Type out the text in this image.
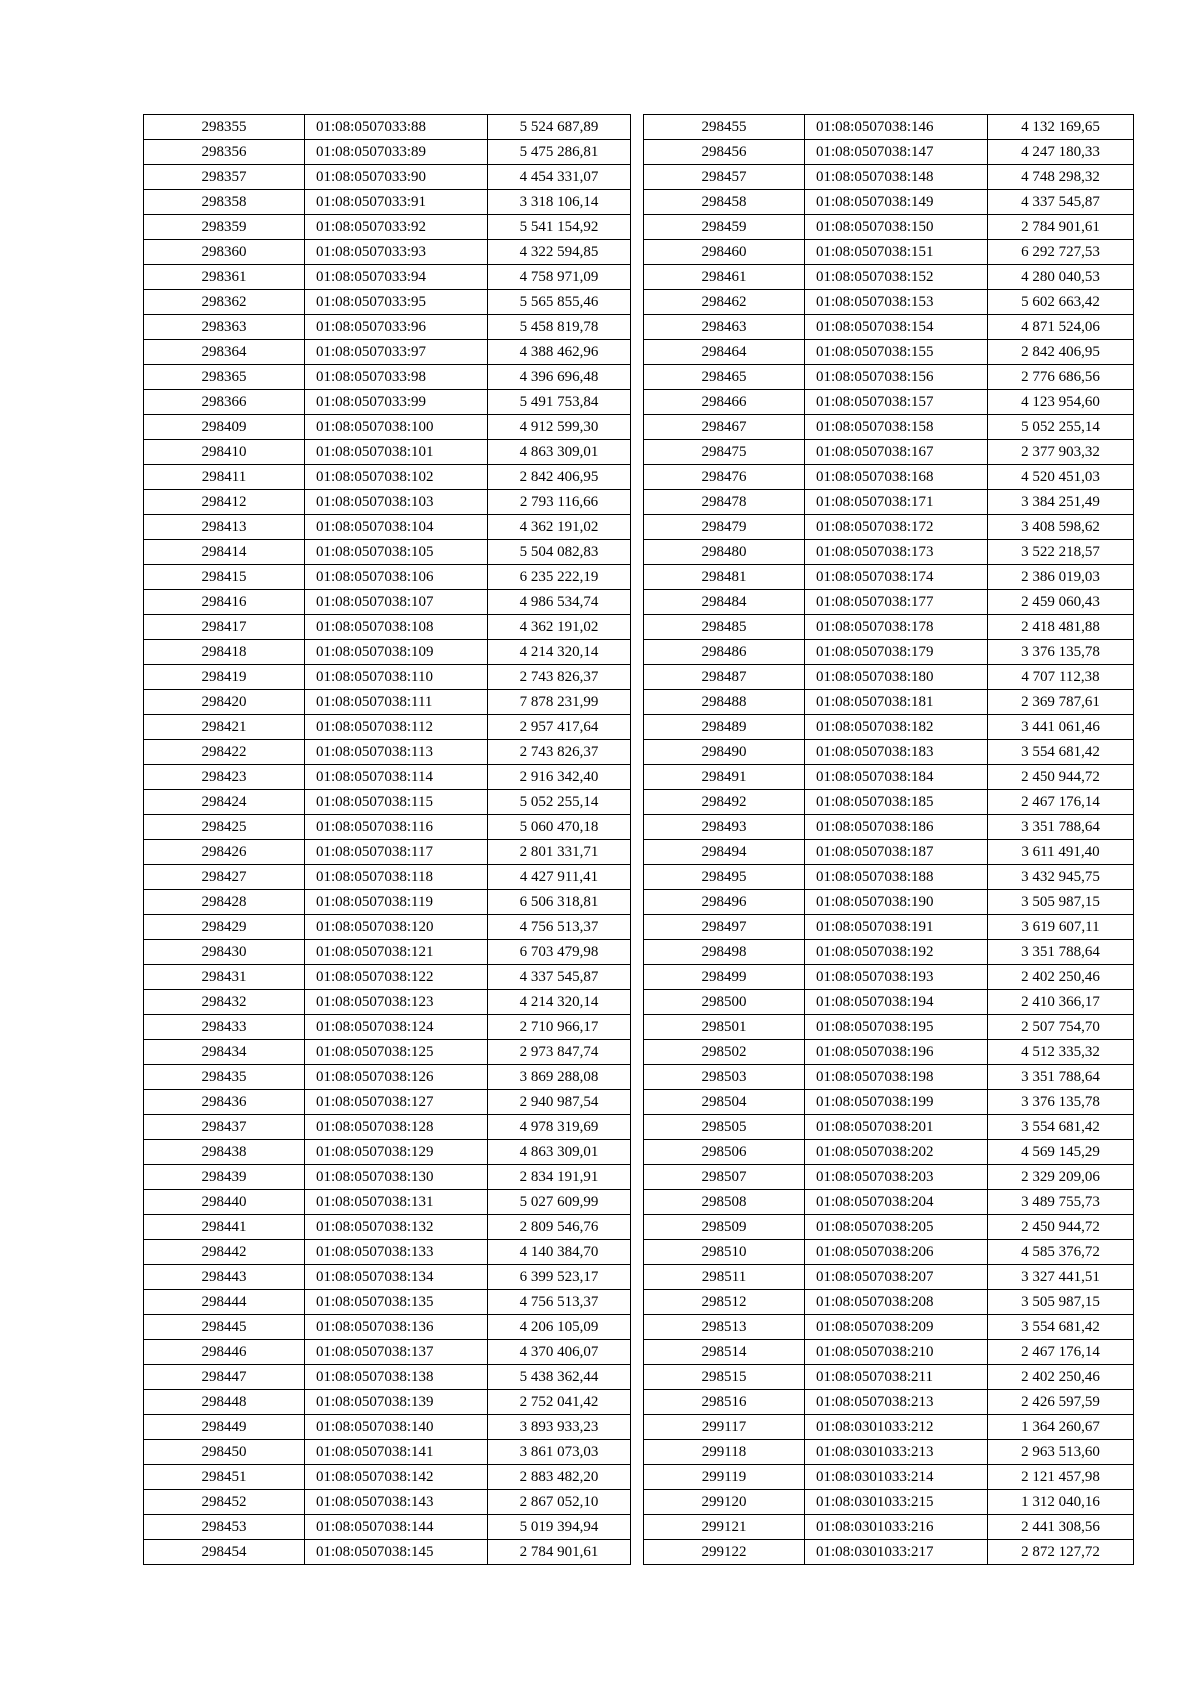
298355	01:08:0507033:88	5 524 687,89
298356	01:08:0507033:89	5 475 286,81
298357	01:08:0507033:90	4 454 331,07
298358	01:08:0507033:91	3 318 106,14
298359	01:08:0507033:92	5 541 154,92
298360	01:08:0507033:93	4 322 594,85
298361	01:08:0507033:94	4 758 971,09
298362	01:08:0507033:95	5 565 855,46
298363	01:08:0507033:96	5 458 819,78
298364	01:08:0507033:97	4 388 462,96
298365	01:08:0507033:98	4 396 696,48
298366	01:08:0507033:99	5 491 753,84
298409	01:08:0507038:100	4 912 599,30
298410	01:08:0507038:101	4 863 309,01
298411	01:08:0507038:102	2 842 406,95
298412	01:08:0507038:103	2 793 116,66
298413	01:08:0507038:104	4 362 191,02
298414	01:08:0507038:105	5 504 082,83
298415	01:08:0507038:106	6 235 222,19
298416	01:08:0507038:107	4 986 534,74
298417	01:08:0507038:108	4 362 191,02
298418	01:08:0507038:109	4 214 320,14
298419	01:08:0507038:110	2 743 826,37
298420	01:08:0507038:111	7 878 231,99
298421	01:08:0507038:112	2 957 417,64
298422	01:08:0507038:113	2 743 826,37
298423	01:08:0507038:114	2 916 342,40
298424	01:08:0507038:115	5 052 255,14
298425	01:08:0507038:116	5 060 470,18
298426	01:08:0507038:117	2 801 331,71
298427	01:08:0507038:118	4 427 911,41
298428	01:08:0507038:119	6 506 318,81
298429	01:08:0507038:120	4 756 513,37
298430	01:08:0507038:121	6 703 479,98
298431	01:08:0507038:122	4 337 545,87
298432	01:08:0507038:123	4 214 320,14
298433	01:08:0507038:124	2 710 966,17
298434	01:08:0507038:125	2 973 847,74
298435	01:08:0507038:126	3 869 288,08
298436	01:08:0507038:127	2 940 987,54
298437	01:08:0507038:128	4 978 319,69
298438	01:08:0507038:129	4 863 309,01
298439	01:08:0507038:130	2 834 191,91
298440	01:08:0507038:131	5 027 609,99
298441	01:08:0507038:132	2 809 546,76
298442	01:08:0507038:133	4 140 384,70
298443	01:08:0507038:134	6 399 523,17
298444	01:08:0507038:135	4 756 513,37
298445	01:08:0507038:136	4 206 105,09
298446	01:08:0507038:137	4 370 406,07
298447	01:08:0507038:138	5 438 362,44
298448	01:08:0507038:139	2 752 041,42
298449	01:08:0507038:140	3 893 933,23
298450	01:08:0507038:141	3 861 073,03
298451	01:08:0507038:142	2 883 482,20
298452	01:08:0507038:143	2 867 052,10
298453	01:08:0507038:144	5 019 394,94
298454	01:08:0507038:145	2 784 901,61
298455	01:08:0507038:146	4 132 169,65
298456	01:08:0507038:147	4 247 180,33
298457	01:08:0507038:148	4 748 298,32
298458	01:08:0507038:149	4 337 545,87
298459	01:08:0507038:150	2 784 901,61
298460	01:08:0507038:151	6 292 727,53
298461	01:08:0507038:152	4 280 040,53
298462	01:08:0507038:153	5 602 663,42
298463	01:08:0507038:154	4 871 524,06
298464	01:08:0507038:155	2 842 406,95
298465	01:08:0507038:156	2 776 686,56
298466	01:08:0507038:157	4 123 954,60
298467	01:08:0507038:158	5 052 255,14
298475	01:08:0507038:167	2 377 903,32
298476	01:08:0507038:168	4 520 451,03
298478	01:08:0507038:171	3 384 251,49
298479	01:08:0507038:172	3 408 598,62
298480	01:08:0507038:173	3 522 218,57
298481	01:08:0507038:174	2 386 019,03
298484	01:08:0507038:177	2 459 060,43
298485	01:08:0507038:178	2 418 481,88
298486	01:08:0507038:179	3 376 135,78
298487	01:08:0507038:180	4 707 112,38
298488	01:08:0507038:181	2 369 787,61
298489	01:08:0507038:182	3 441 061,46
298490	01:08:0507038:183	3 554 681,42
298491	01:08:0507038:184	2 450 944,72
298492	01:08:0507038:185	2 467 176,14
298493	01:08:0507038:186	3 351 788,64
298494	01:08:0507038:187	3 611 491,40
298495	01:08:0507038:188	3 432 945,75
298496	01:08:0507038:190	3 505 987,15
298497	01:08:0507038:191	3 619 607,11
298498	01:08:0507038:192	3 351 788,64
298499	01:08:0507038:193	2 402 250,46
298500	01:08:0507038:194	2 410 366,17
298501	01:08:0507038:195	2 507 754,70
298502	01:08:0507038:196	4 512 335,32
298503	01:08:0507038:198	3 351 788,64
298504	01:08:0507038:199	3 376 135,78
298505	01:08:0507038:201	3 554 681,42
298506	01:08:0507038:202	4 569 145,29
298507	01:08:0507038:203	2 329 209,06
298508	01:08:0507038:204	3 489 755,73
298509	01:08:0507038:205	2 450 944,72
298510	01:08:0507038:206	4 585 376,72
298511	01:08:0507038:207	3 327 441,51
298512	01:08:0507038:208	3 505 987,15
298513	01:08:0507038:209	3 554 681,42
298514	01:08:0507038:210	2 467 176,14
298515	01:08:0507038:211	2 402 250,46
298516	01:08:0507038:213	2 426 597,59
299117	01:08:0301033:212	1 364 260,67
299118	01:08:0301033:213	2 963 513,60
299119	01:08:0301033:214	2 121 457,98
299120	01:08:0301033:215	1 312 040,16
299121	01:08:0301033:216	2 441 308,56
299122	01:08:0301033:217	2 872 127,72
